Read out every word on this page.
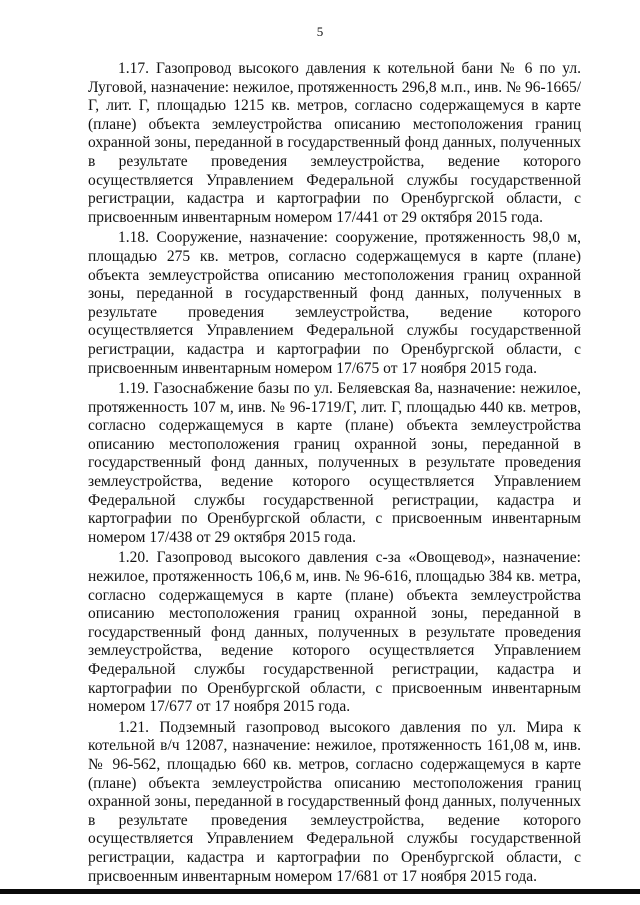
5

1.17. Газопровод высокого давления к котельной бани № 6 по ул. Луговой, назначение: нежилое, протяженность 296,8 м.п., инв. № 96-1665/Г, лит. Г, площадью 1215 кв. метров, согласно содержащемуся в карте (плане) объекта землеустройства описанию местоположения границ охранной зоны, переданной в государственный фонд данных, полученных в результате проведения землеустройства, ведение которого осуществляется Управлением Федеральной службы государственной регистрации, кадастра и картографии по Оренбургской области, с присвоенным инвентарным номером 17/441 от 29 октября 2015 года.

1.18. Сооружение, назначение: сооружение, протяженность 98,0 м, площадью 275 кв. метров, согласно содержащемуся в карте (плане) объекта землеустройства описанию местоположения границ охранной зоны, переданной в государственный фонд данных, полученных в результате проведения землеустройства, ведение которого осуществляется Управлением Федеральной службы государственной регистрации, кадастра и картографии по Оренбургской области, с присвоенным инвентарным номером 17/675 от 17 ноября 2015 года.

1.19. Газоснабжение базы по ул. Беляевская 8а, назначение: нежилое, протяженность 107 м, инв. № 96-1719/Г, лит. Г, площадью 440 кв. метров, согласно содержащемуся в карте (плане) объекта землеустройства описанию местоположения границ охранной зоны, переданной в государственный фонд данных, полученных в результате проведения землеустройства, ведение которого осуществляется Управлением Федеральной службы государственной регистрации, кадастра и картографии по Оренбургской области, с присвоенным инвентарным номером 17/438 от 29 октября 2015 года.

1.20. Газопровод высокого давления с-за «Овощевод», назначение: нежилое, протяженность 106,6 м, инв. № 96-616, площадью 384 кв. метра, согласно содержащемуся в карте (плане) объекта землеустройства описанию местоположения границ охранной зоны, переданной в государственный фонд данных, полученных в результате проведения землеустройства, ведение которого осуществляется Управлением Федеральной службы государственной регистрации, кадастра и картографии по Оренбургской области, с присвоенным инвентарным номером 17/677 от 17 ноября 2015 года.

1.21. Подземный газопровод высокого давления по ул. Мира к котельной в/ч 12087, назначение: нежилое, протяженность 161,08 м, инв. № 96-562, площадью 660 кв. метров, согласно содержащемуся в карте (плане) объекта землеустройства описанию местоположения границ охранной зоны, переданной в государственный фонд данных, полученных в результате проведения землеустройства, ведение которого осуществляется Управлением Федеральной службы государственной регистрации, кадастра и картографии по Оренбургской области, с присвоенным инвентарным номером 17/681 от 17 ноября 2015 года.
